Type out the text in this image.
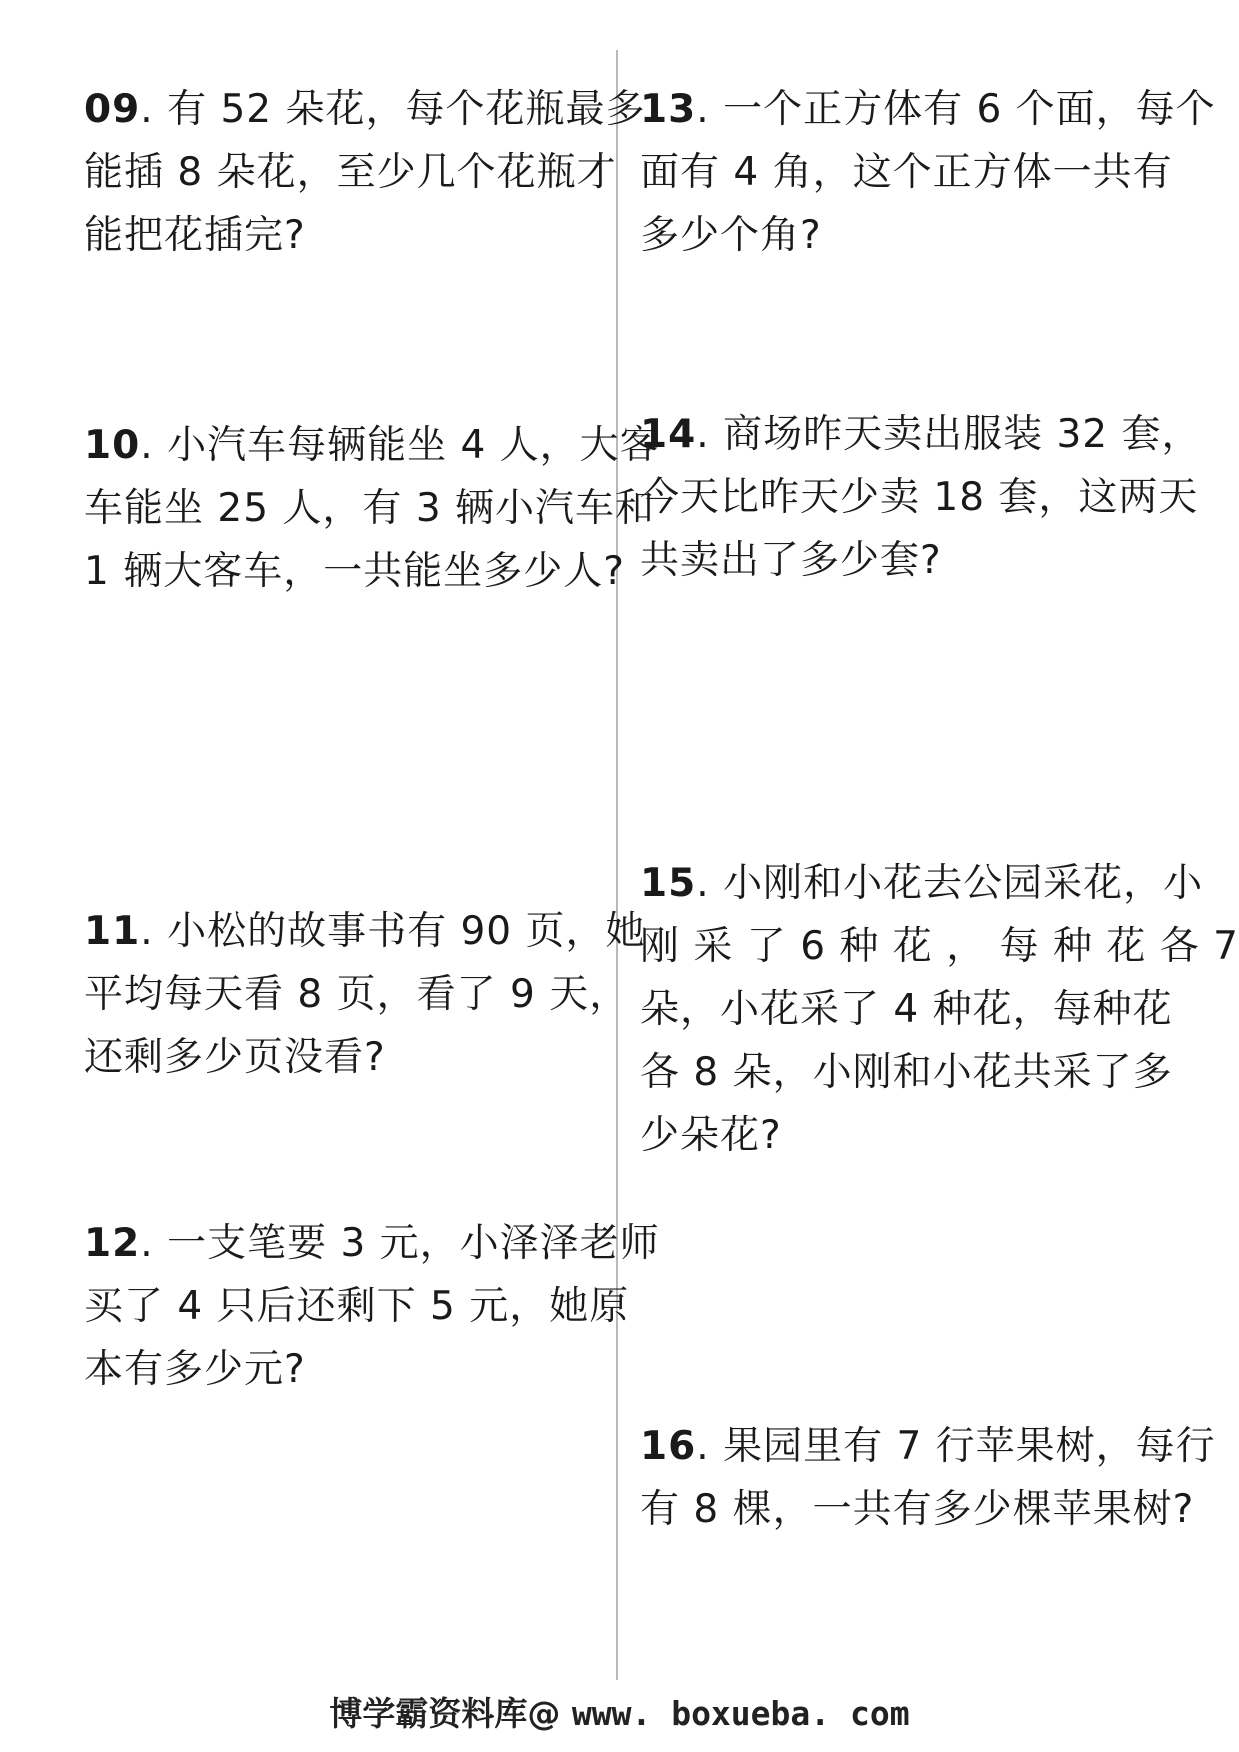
09. 有 52 朵花，每个花瓶最多
能插 8 朵花，至少几个花瓶才
能把花插完?
10. 小汽车每辆能坐 4 人，大客
车能坐 25 人，有 3 辆小汽车和
1 辆大客车，一共能坐多少人?
11. 小松的故事书有 90 页，她
平均每天看 8 页，看了 9 天，
还剩多少页没看?
12. 一支笔要 3 元，小泽泽老师
买了 4 只后还剩下 5 元，她原
本有多少元?
13. 一个正方体有 6 个面，每个
面有 4 角，这个正方体一共有
多少个角?
14. 商场昨天卖出服装 32 套，
今天比昨天少卖 18 套，这两天
共卖出了多少套?
15. 小刚和小花去公园采花，小
刚 采 了 6 种 花 ， 每 种 花 各 7
朵，小花采了 4 种花，每种花
各 8 朵，小刚和小花共采了多
少朵花?
16. 果园里有 7 行苹果树，每行
有 8 棵，一共有多少棵苹果树?
博学霸资料库@ www. boxueba. com
